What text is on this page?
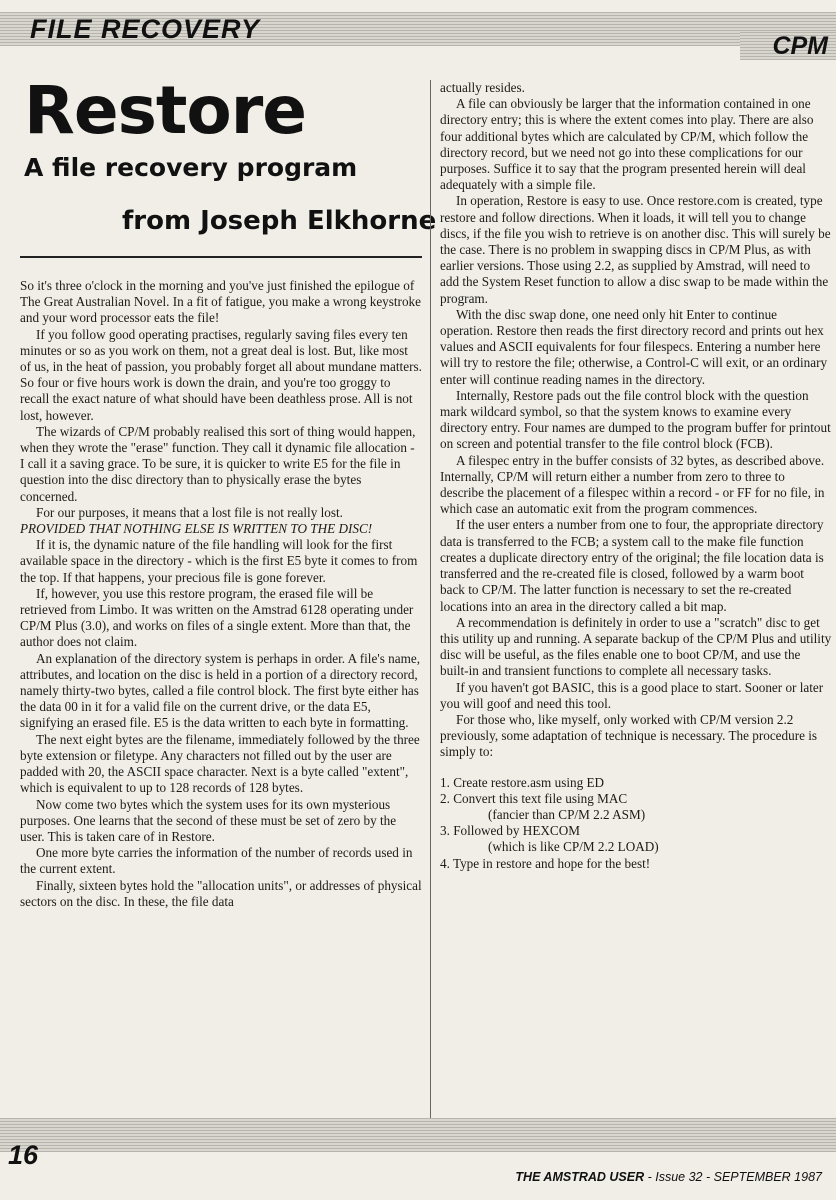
FILE RECOVERY
CPM
Restore
A file recovery program
from Joseph Elkhorne

So it's three o'clock in the morning and you've just finished the epilogue of The Great Australian Novel. In a fit of fatigue, you make a wrong keystroke and your word processor eats the file!

If you follow good operating practises, regularly saving files every ten minutes or so as you work on them, not a great deal is lost. But, like most of us, in the heat of passion, you probably forget all about mundane matters. So four or five hours work is down the drain, and you're too groggy to recall the exact nature of what should have been deathless prose. All is not lost, however.

The wizards of CP/M probably realised this sort of thing would happen, when they wrote the "erase" function. They call it dynamic file allocation - I call it a saving grace. To be sure, it is quicker to write E5 for the file in question into the disc directory than to physically erase the bytes concerned.

For our purposes, it means that a lost file is not really lost.

PROVIDED THAT NOTHING ELSE IS WRITTEN TO THE DISC!

If it is, the dynamic nature of the file handling will look for the first available space in the directory - which is the first E5 byte it comes to from the top. If that happens, your precious file is gone forever.

If, however, you use this restore program, the erased file will be retrieved from Limbo. It was written on the Amstrad 6128 operating under CP/M Plus (3.0), and works on files of a single extent. More than that, the author does not claim.

An explanation of the directory system is perhaps in order. A file's name, attributes, and location on the disc is held in a portion of a directory record, namely thirty-two bytes, called a file control block. The first byte either has the data 00 in it for a valid file on the current drive, or the data E5, signifying an erased file. E5 is the data written to each byte in formatting.

The next eight bytes are the filename, immediately followed by the three byte extension or filetype. Any characters not filled out by the user are padded with 20, the ASCII space character. Next is a byte called "extent", which is equivalent to up to 128 records of 128 bytes.

Now come two bytes which the system uses for its own mysterious purposes. One learns that the second of these must be set of zero by the user. This is taken care of in Restore.

One more byte carries the information of the number of records used in the current extent.

Finally, sixteen bytes hold the "allocation units", or addresses of physical sectors on the disc. In these, the file data

actually resides.

A file can obviously be larger that the information contained in one directory entry; this is where the extent comes into play. There are also four additional bytes which are calculated by CP/M, which follow the directory record, but we need not go into these complications for our purposes. Suffice it to say that the program presented herein will deal adequately with a simple file.

In operation, Restore is easy to use. Once restore.com is created, type restore and follow directions. When it loads, it will tell you to change discs, if the file you wish to retrieve is on another disc. This will surely be the case. There is no problem in swapping discs in CP/M Plus, as with earlier versions. Those using 2.2, as supplied by Amstrad, will need to add the System Reset function to allow a disc swap to be made within the program.

With the disc swap done, one need only hit Enter to continue operation. Restore then reads the first directory record and prints out hex values and ASCII equivalents for four filespecs. Entering a number here will try to restore the file; otherwise, a Control-C will exit, or an ordinary enter will continue reading names in the directory.

Internally, Restore pads out the file control block with the question mark wildcard symbol, so that the system knows to examine every directory entry. Four names are dumped to the program buffer for printout on screen and potential transfer to the file control block (FCB).

A filespec entry in the buffer consists of 32 bytes, as described above. Internally, CP/M will return either a number from zero to three to describe the placement of a filespec within a record - or FF for no file, in which case an automatic exit from the program commences.

If the user enters a number from one to four, the appropriate directory data is transferred to the FCB; a system call to the make file function creates a duplicate directory entry of the original; the file location data is transferred and the re-created file is closed, followed by a warm boot back to CP/M. The latter function is necessary to set the re-created locations into an area in the directory called a bit map.

A recommendation is definitely in order to use a "scratch" disc to get this utility up and running. A separate backup of the CP/M Plus and utility disc will be useful, as the files enable one to boot CP/M, and use the built-in and transient functions to complete all necessary tasks.

If you haven't got BASIC, this is a good place to start. Sooner or later you will goof and need this tool.

For those who, like myself, only worked with CP/M version 2.2 previously, some adaptation of technique is necessary. The procedure is simply to:

1. Create restore.asm using ED
2. Convert this text file using MAC
(fancier than CP/M 2.2 ASM)
3. Followed by HEXCOM
(which is like CP/M 2.2 LOAD)
4. Type in restore and hope for the best!
16
THE AMSTRAD USER - Issue 32 - SEPTEMBER 1987
